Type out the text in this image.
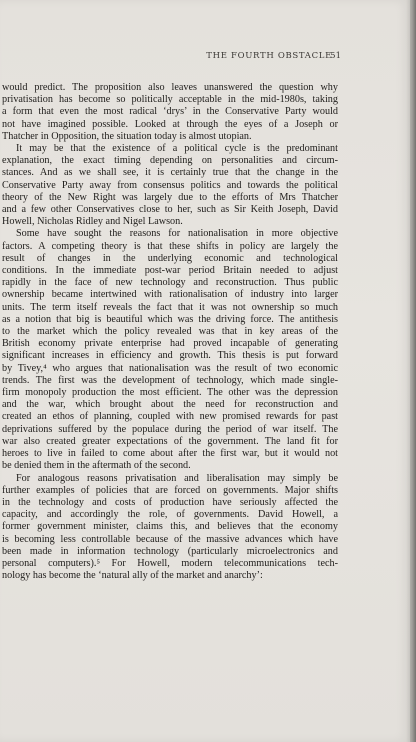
THE FOURTH OBSTACLE

51

would predict. The proposition also leaves unanswered the question why
privatisation has become so politically acceptable in the mid-1980s, taking
a form that even the most radical ‘drys’ in the Conservative Party would
not have imagined possible. Looked at through the eyes of a Joseph or
Thatcher in Opposition, the situation today is almost utopian.
It may be that the existence of a political cycle is the predominant
explanation, the exact timing depending on personalities and circum-
stances. And as we shall see, it is certainly true that the change in the
Conservative Party away from consensus politics and towards the political
theory of the New Right was largely due to the efforts of Mrs Thatcher
and a few other Conservatives close to her, such as Sir Keith Joseph, David
Howell, Nicholas Ridley and Nigel Lawson.
Some have sought the reasons for nationalisation in more objective
factors. A competing theory is that these shifts in policy are largely the
result of changes in the underlying economic and technological
conditions. In the immediate post-war period Britain needed to adjust
rapidly in the face of new technology and reconstruction. Thus public
ownership became intertwined with rationalisation of industry into larger
units. The term itself reveals the fact that it was not ownership so much
as a notion that big is beautiful which was the driving force. The antithesis
to the market which the policy revealed was that in key areas of the
British economy private enterprise had proved incapable of generating
significant increases in efficiency and growth. This thesis is put forward
by Tivey,⁴ who argues that nationalisation was the result of two economic
trends. The first was the development of technology, which made single-
firm monopoly production the most efficient. The other was the depression
and the war, which brought about the need for reconstruction and
created an ethos of planning, coupled with new promised rewards for past
deprivations suffered by the populace during the period of war itself. The
war also created greater expectations of the government. The land fit for
heroes to live in failed to come about after the first war, but it would not
be denied them in the aftermath of the second.
For analogous reasons privatisation and liberalisation may simply be
further examples of policies that are forced on governments. Major shifts
in the technology and costs of production have seriously affected the
capacity, and accordingly the role, of governments. David Howell, a
former government minister, claims this, and believes that the economy
is becoming less controllable because of the massive advances which have
been made in information technology (particularly microelectronics and
personal computers).⁵ For Howell, modern telecommunications tech-
nology has become the ‘natural ally of the market and anarchy’:
